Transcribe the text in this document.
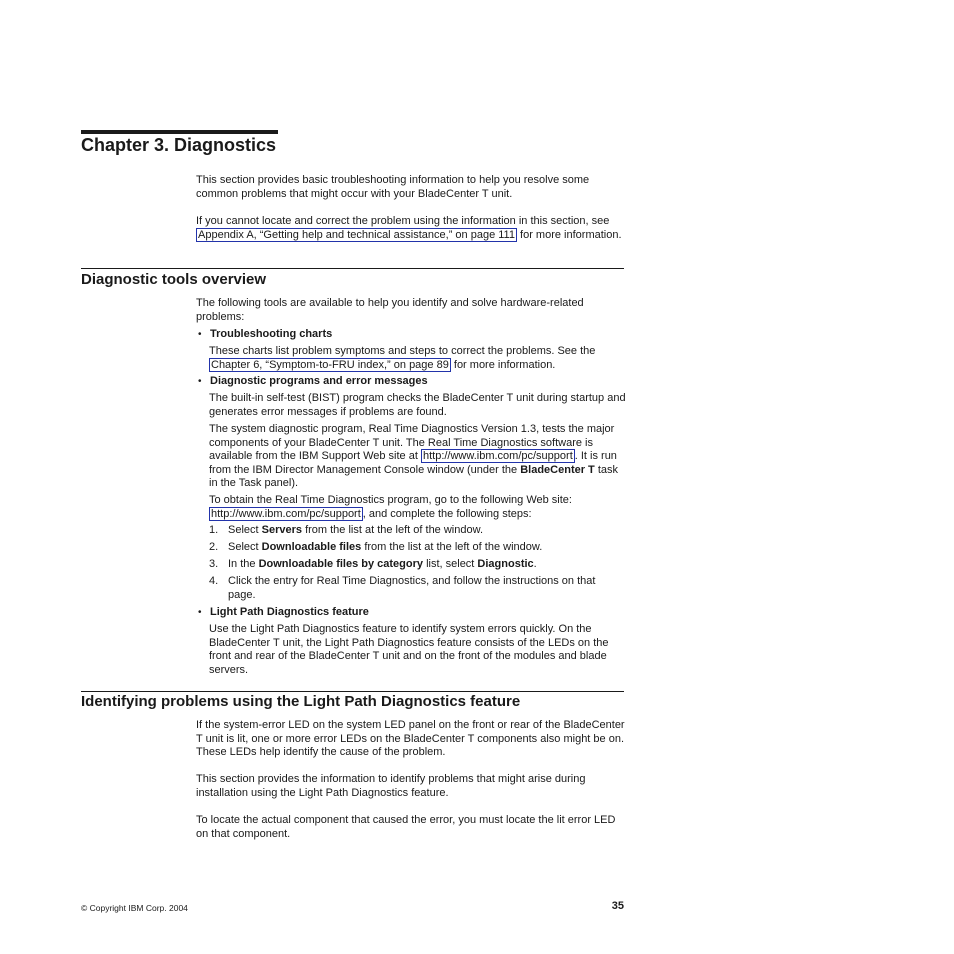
Chapter 3. Diagnostics

This section provides basic troubleshooting information to help you resolve some common problems that might occur with your BladeCenter T unit.

If you cannot locate and correct the problem using the information in this section, see Appendix A, “Getting help and technical assistance,” on page 111 for more information.

Diagnostic tools overview

The following tools are available to help you identify and solve hardware-related problems:

• Troubleshooting charts

These charts list problem symptoms and steps to correct the problems. See the Chapter 6, “Symptom-to-FRU index,” on page 89 for more information.

• Diagnostic programs and error messages

The built-in self-test (BIST) program checks the BladeCenter T unit during startup and generates error messages if problems are found.

The system diagnostic program, Real Time Diagnostics Version 1.3, tests the major components of your BladeCenter T unit. The Real Time Diagnostics software is available from the IBM Support Web site at http://www.ibm.com/pc/support . It is run from the IBM Director Management Console window (under the BladeCenter T task in the Task panel).

To obtain the Real Time Diagnostics program, go to the following Web site: http://www.ibm.com/pc/support , and complete the following steps:

1. Select Servers from the list at the left of the window.

2. Select Downloadable files from the list at the left of the window.

3. In the Downloadable files by category list, select Diagnostic.

4. Click the entry for Real Time Diagnostics, and follow the instructions on that page.

• Light Path Diagnostics feature

Use the Light Path Diagnostics feature to identify system errors quickly. On the BladeCenter T unit, the Light Path Diagnostics feature consists of the LEDs on the front and rear of the BladeCenter T unit and on the front of the modules and blade servers.

Identifying problems using the Light Path Diagnostics feature

If the system-error LED on the system LED panel on the front or rear of the BladeCenter T unit is lit, one or more error LEDs on the BladeCenter T components also might be on. These LEDs help identify the cause of the problem.

This section provides the information to identify problems that might arise during installation using the Light Path Diagnostics feature.

To locate the actual component that caused the error, you must locate the lit error LED on that component.

© Copyright IBM Corp. 2004	35
